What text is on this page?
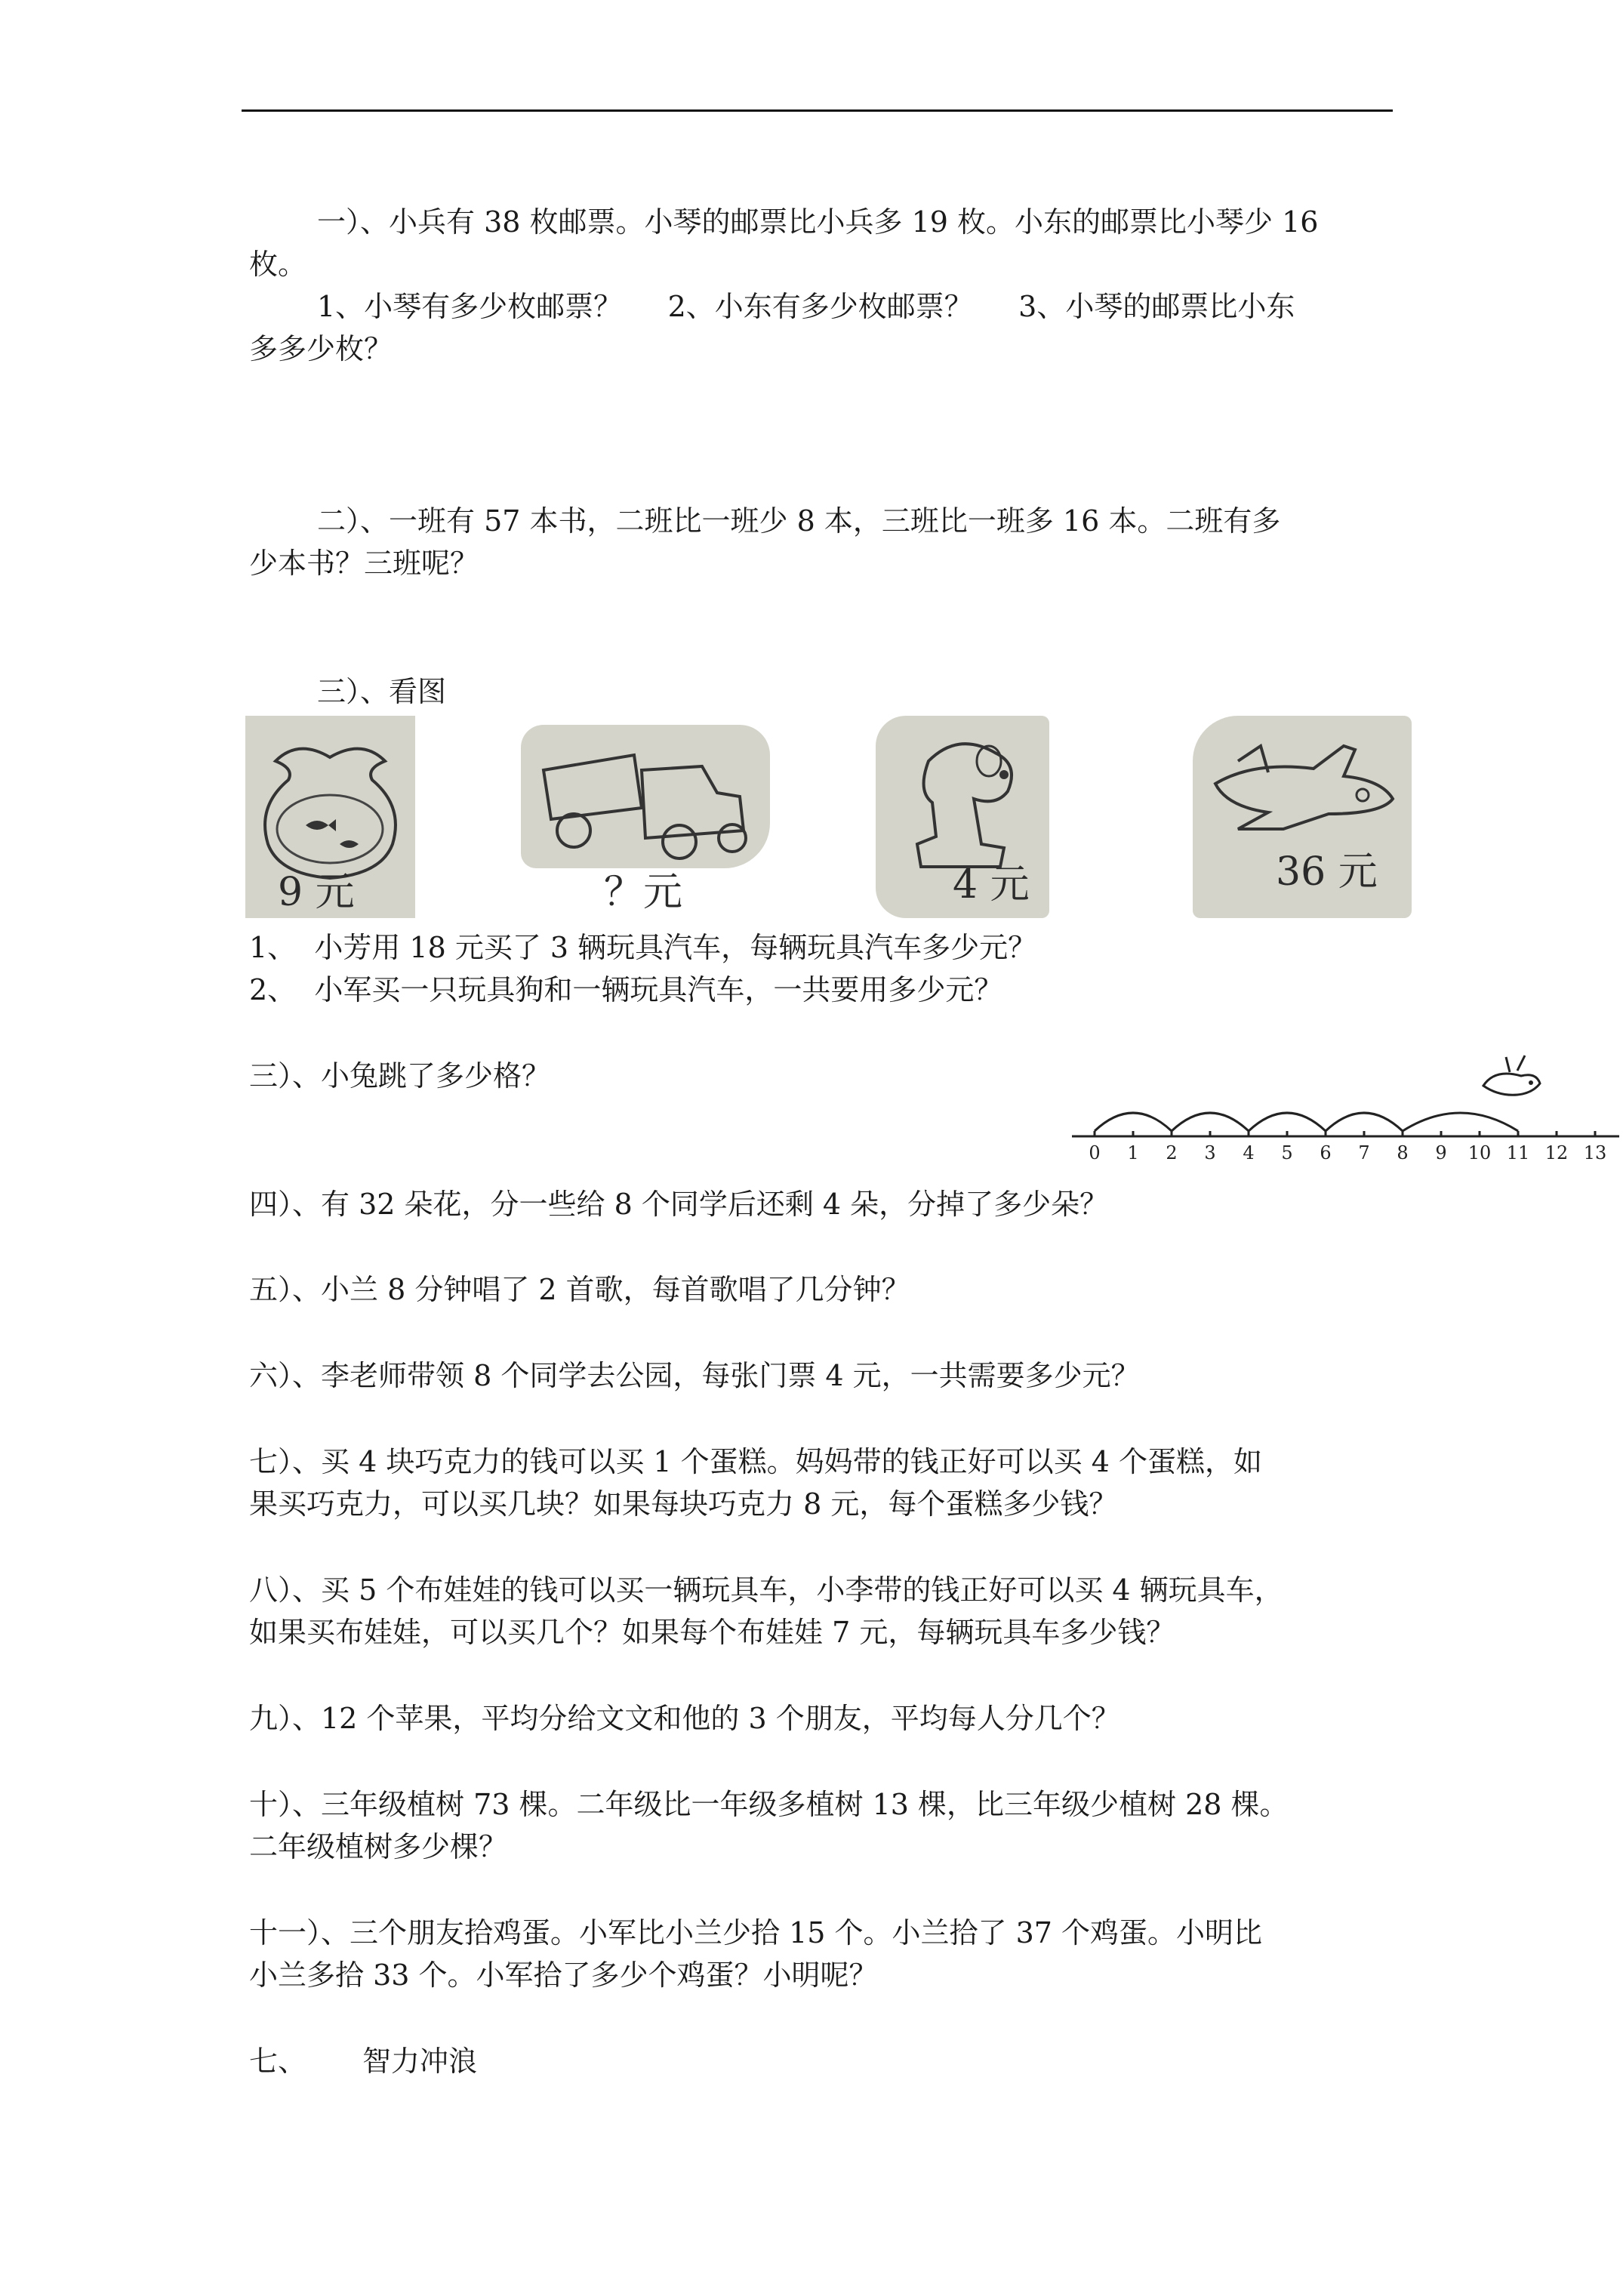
一）、小兵有 38 枚邮票。小琴的邮票比小兵多 19 枚。小东的邮票比小琴少 16
枚。
1、小琴有多少枚邮票？     2、小东有多少枚邮票？     3、小琴的邮票比小东
多多少枚？
二）、一班有 57 本书，二班比一班少 8 本，三班比一班多 16 本。二班有多
少本书？三班呢？
三）、看图
9 元	？元	4 元	36 元
1、  小芳用 18 元买了 3 辆玩具汽车，每辆玩具汽车多少元？
2、  小军买一只玩具狗和一辆玩具汽车，一共要用多少元？
三）、小兔跳了多少格？
0 1 2 3 4 5 6 7 8 9 10 11 12 13
四）、有 32 朵花，分一些给 8 个同学后还剩 4 朵，分掉了多少朵？
五）、小兰 8 分钟唱了 2 首歌，每首歌唱了几分钟？
六）、李老师带领 8 个同学去公园，每张门票 4 元，一共需要多少元？
七）、买 4 块巧克力的钱可以买 1 个蛋糕。妈妈带的钱正好可以买 4 个蛋糕，如
果买巧克力，可以买几块？如果每块巧克力 8 元，每个蛋糕多少钱？
八）、买 5 个布娃娃的钱可以买一辆玩具车，小李带的钱正好可以买 4 辆玩具车，
如果买布娃娃，可以买几个？如果每个布娃娃 7 元，每辆玩具车多少钱？
九）、12 个苹果，平均分给文文和他的 3 个朋友，平均每人分几个？
十）、三年级植树 73 棵。二年级比一年级多植树 13 棵，比三年级少植树 28 棵。
二年级植树多少棵？
十一）、三个朋友拾鸡蛋。小军比小兰少拾 15 个。小兰拾了 37 个鸡蛋。小明比
小兰多拾 33 个。小军拾了多少个鸡蛋？小明呢？
七、	智力冲浪
